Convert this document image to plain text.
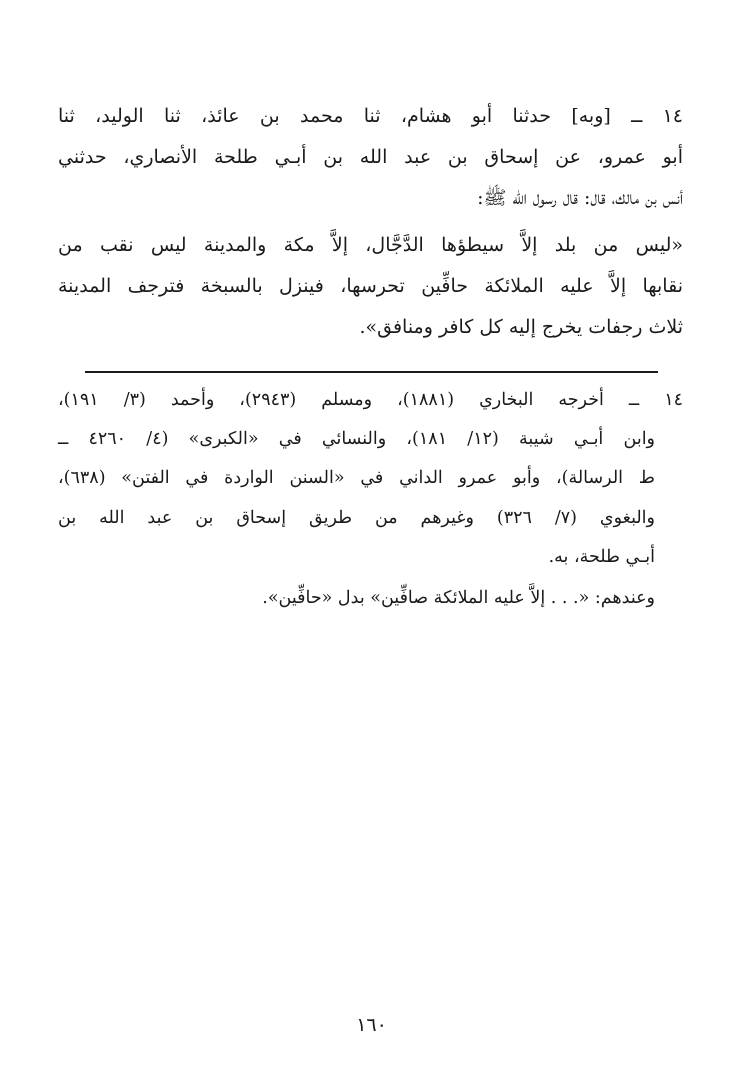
١٤ ــ [وبه] حدثنا أبو هشام، ثنا محمد بن عائذ، ثنا الوليد، ثنا
أبو عمرو، عن إسحاق بن عبد الله بن أبـي طلحة الأنصاري، حدثني
أنس بن مالك، قال: قال رسول الله ﷺ:
«ليس من بلد إلاَّ سيطؤها الدَّجَّال، إلاَّ مكة والمدينة ليس نقب من
نقابها إلاَّ عليه الملائكة حافِّين تحرسها، فينزل بالسبخة فترجف المدينة
ثلاث رجفات يخرج إليه كل كافر ومنافق».
١٤ ــ أخرجه البخاري (١٨٨١)، ومسلم (٢٩٤٣)، وأحمد (٣/ ١٩١)،
وابن أبـي شيبة (١٢/ ١٨١)، والنسائي في «الكبرى» (٤/ ٤٢٦٠ ــ
ط الرسالة)، وأبو عمرو الداني في «السنن الواردة في الفتن» (٦٣٨)،
والبغوي (٧/ ٣٢٦) وغيرهم من طريق إسحاق بن عبد الله بن
أبـي طلحة، به.
وعندهم: «. . . إلاَّ عليه الملائكة صافِّين» بدل «حافِّين».
١٦٠
